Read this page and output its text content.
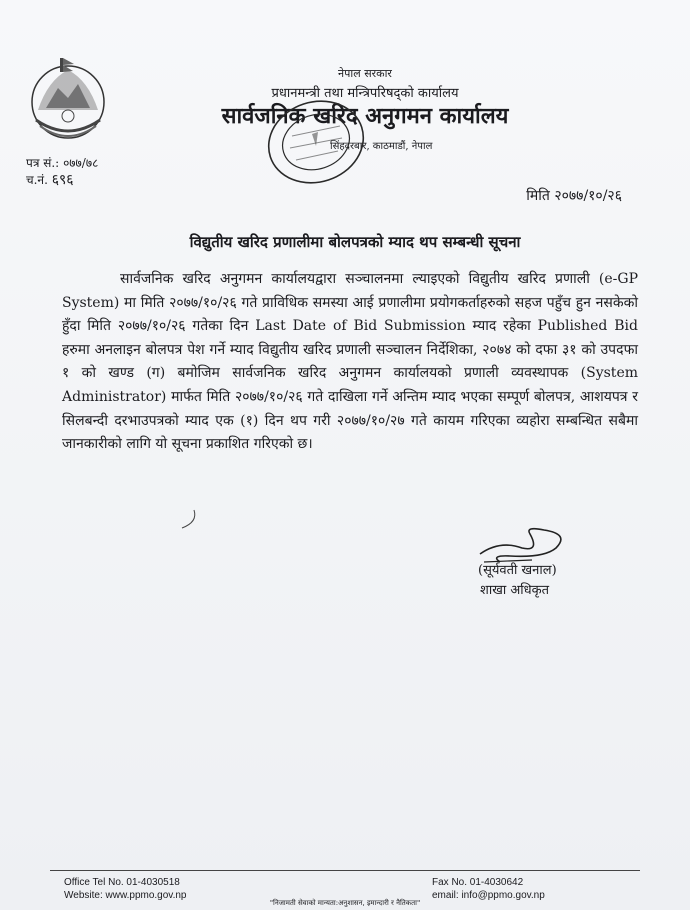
नेपाल सरकार
प्रधानमन्त्री तथा मन्त्रिपरिषद्को कार्यालय
सार्वजनिक खरिद अनुगमन कार्यालय
सिंहदरबार, काठमाडौं, नेपाल
पत्र सं.: ०७७/७८
च.नं. ६९६
मिति २०७७/१०/२६
विद्युतीय खरिद प्रणालीमा बोलपत्रको म्याद थप सम्बन्धी सूचना
सार्वजनिक खरिद अनुगमन कार्यालयद्वारा सञ्चालनमा ल्याइएको विद्युतीय खरिद प्रणाली (e-GP System) मा मिति २०७७/१०/२६ गते प्राविधिक समस्या आई प्रणालीमा प्रयोगकर्ताहरुको सहज पहुँच हुन नसकेको हुँदा मिति २०७७/१०/२६ गतेका दिन Last Date of Bid Submission म्याद रहेका Published Bid हरुमा अनलाइन बोलपत्र पेश गर्ने म्याद विद्युतीय खरिद प्रणाली सञ्चालन निर्देशिका, २०७४ को दफा ३१ को उपदफा १ को खण्ड (ग) बमोजिम सार्वजनिक खरिद अनुगमन कार्यालयको प्रणाली व्यवस्थापक (System Administrator) मार्फत मिति २०७७/१०/२६ गते दाखिला गर्ने अन्तिम म्याद भएका सम्पूर्ण बोलपत्र, आशयपत्र र सिलबन्दी दरभाउपत्रको म्याद एक (१) दिन थप गरी २०७७/१०/२७ गते कायम गरिएका व्यहोरा सम्बन्धित सबैमा जानकारीको लागि यो सूचना प्रकाशित गरिएको छ।
(सूर्यवती खनाल)
शाखा अधिकृत
Office Tel No. 01-4030518
Website: www.ppmo.gov.np
Fax No. 01-4030642
email: info@ppmo.gov.np
"निजामती सेवाको मान्यता:अनुशासन, इमान्दारी र नैतिकता"
